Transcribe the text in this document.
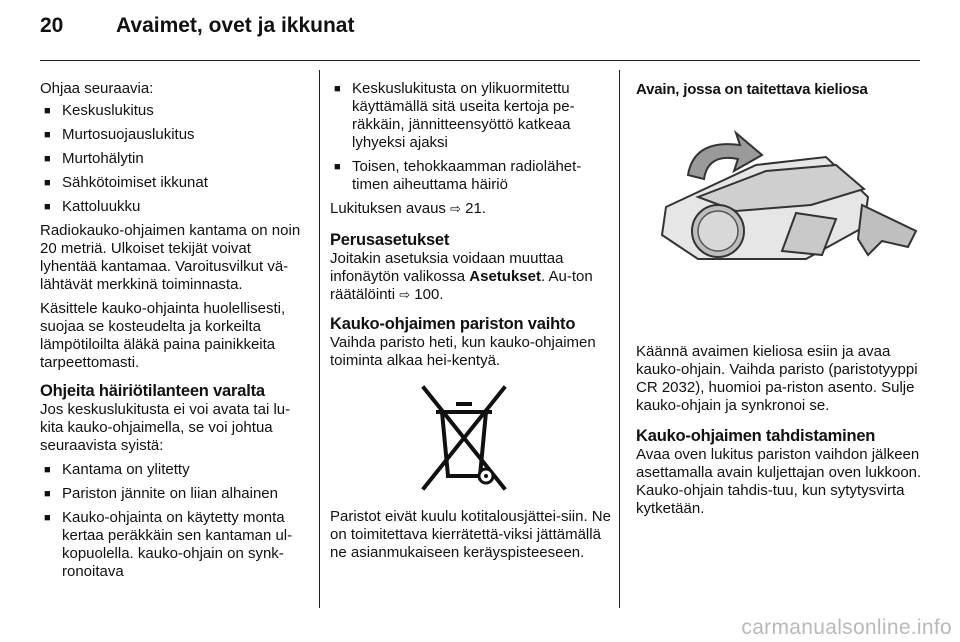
20	Avaimet, ovet ja ikkunat

Ohjaa seuraavia:

■ Keskuslukitus
■ Murtosuojauslukitus
■ Murtohälytin
■ Sähkötoimiset ikkunat
■ Kattoluukku

Radiokauko-ohjaimen kantama on noin 20 metriä. Ulkoiset tekijät voivat lyhentää kantamaa. Varoitusvilkut vä-lähtävät merkkinä toiminnasta.

Käsittele kauko-ohjainta huolellisesti, suojaa se kosteudelta ja korkeilta lämpötiloilta äläkä paina painikkeita tarpeettomasti.

Ohjeita häiriötilanteen varalta

Jos keskuslukitusta ei voi avata tai lu-kita kauko-ohjaimella, se voi johtua seuraavista syistä:

■ Kantama on ylitetty
■ Pariston jännite on liian alhainen
■ Kauko-ohjainta on käytetty monta kertaa peräkkäin sen kantaman ul-kopuolella. kauko-ohjain on synk-ronoitava
■ Keskuslukitusta on ylikuormitettu käyttämällä sitä useita kertoja pe-räkkäin, jännitteensyöttö katkeaa lyhyeksi ajaksi
■ Toisen, tehokkaamman radiolähet-timen aiheuttama häiriö

Lukituksen avaus ⇨ 21.

Perusasetukset

Joitakin asetuksia voidaan muuttaa infonäytön valikossa Asetukset. Au-ton räätälöinti ⇨ 100.

Kauko-ohjaimen pariston vaihto

Vaihda paristo heti, kun kauko-ohjaimen toiminta alkaa hei-kentyä.

Paristot eivät kuulu kotitalousjättei-siin. Ne on toimitettava kierrätettä-viksi jättämällä ne asianmukaiseen keräyspisteeseen.

Avain, jossa on taitettava kieliosa

Käännä avaimen kieliosa esiin ja avaa kauko-ohjain. Vaihda paristo (paristotyyppi CR 2032), huomioi pa-riston asento. Sulje kauko-ohjain ja synkronoi se.

Kauko-ohjaimen tahdistaminen

Avaa oven lukitus pariston vaihdon jälkeen asettamalla avain kuljettajan oven lukkoon. Kauko-ohjain tahdis-tuu, kun sytytysvirta kytketään.

carmanualsonline.info
